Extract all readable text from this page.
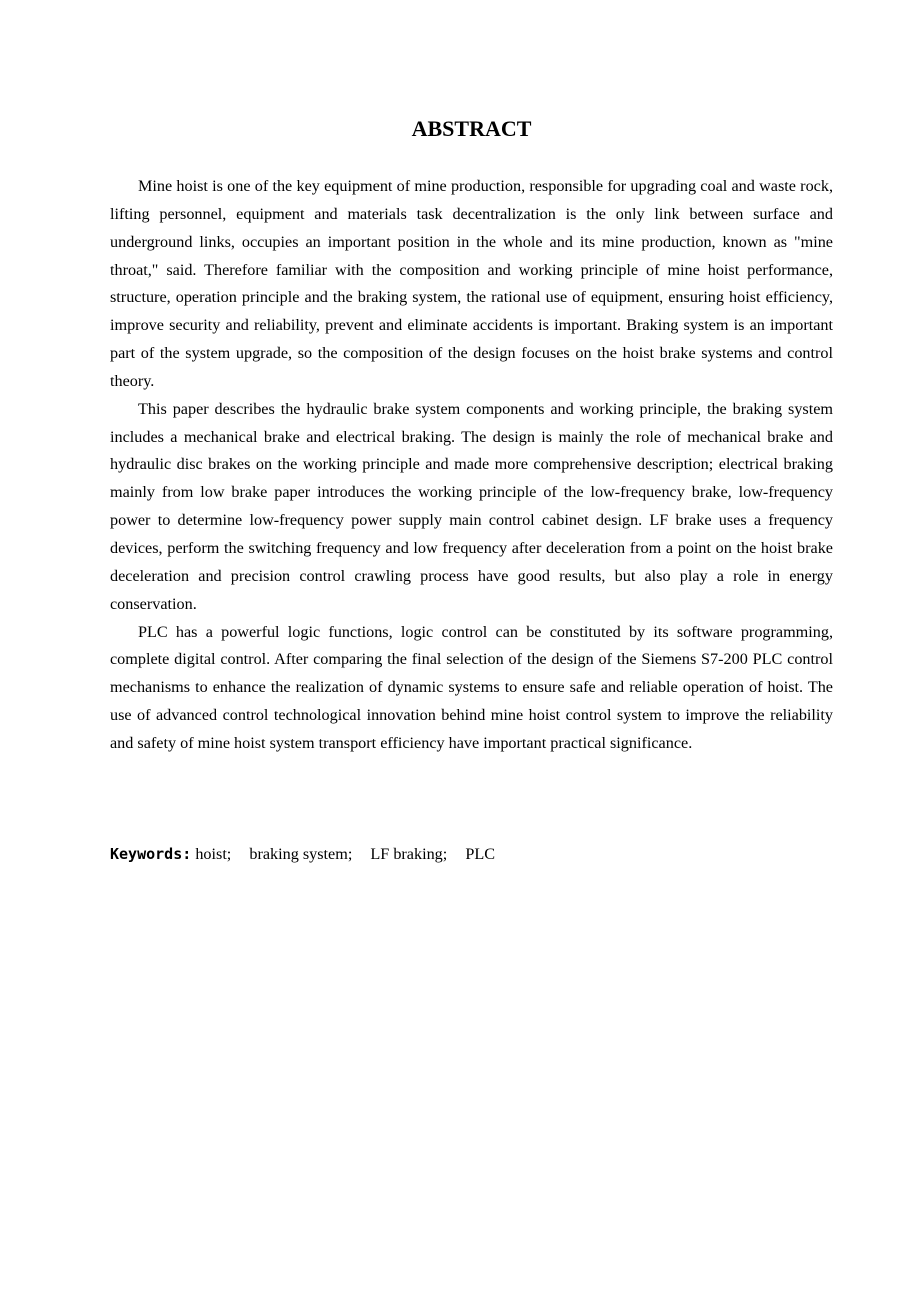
ABSTRACT

Mine hoist is one of the key equipment of mine production, responsible for upgrading coal and waste rock, lifting personnel, equipment and materials task decentralization is the only link between surface and underground links, occupies an important position in the whole and its mine production, known as "mine throat," said. Therefore familiar with the composition and working principle of mine hoist performance, structure, operation principle and the braking system, the rational use of equipment, ensuring hoist efficiency, improve security and reliability, prevent and eliminate accidents is important. Braking system is an important part of the system upgrade, so the composition of the design focuses on the hoist brake systems and control theory.

This paper describes the hydraulic brake system components and working principle, the braking system includes a mechanical brake and electrical braking. The design is mainly the role of mechanical brake and hydraulic disc brakes on the working principle and made more comprehensive description; electrical braking mainly from low brake paper introduces the working principle of the low-frequency brake, low-frequency power to determine low-frequency power supply main control cabinet design. LF brake uses a frequency devices, perform the switching frequency and low frequency after deceleration from a point on the hoist brake deceleration and precision control crawling process have good results, but also play a role in energy conservation.

PLC has a powerful logic functions, logic control can be constituted by its software programming, complete digital control. After comparing the final selection of the design of the Siemens S7-200 PLC control mechanisms to enhance the realization of dynamic systems to ensure safe and reliable operation of hoist. The use of advanced control technological innovation behind mine hoist control system to improve the reliability and safety of mine hoist system transport efficiency have important practical significance.

Keywords: hoist; braking system; LF braking; PLC
